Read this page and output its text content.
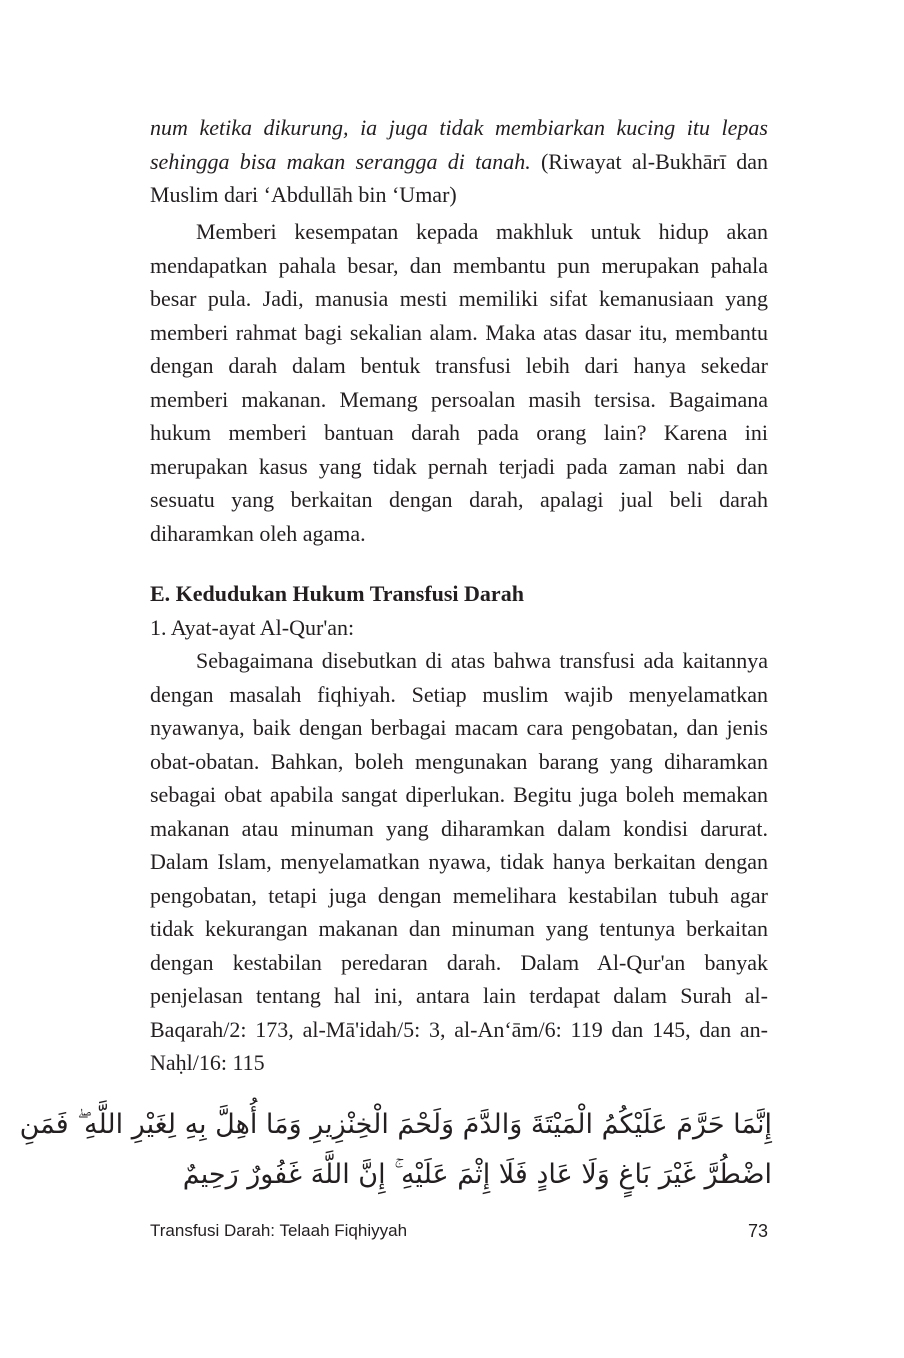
num ketika dikurung, ia juga tidak membiarkan kucing itu lepas sehingga bisa makan serangga di tanah. (Riwayat al-Bukhārī dan Muslim dari ‘Abdullāh bin ‘Umar)

Memberi kesempatan kepada makhluk untuk hidup akan mendapatkan pahala besar, dan membantu pun merupakan pahala besar pula. Jadi, manusia mesti memiliki sifat kemanusiaan yang memberi rahmat bagi sekalian alam. Maka atas dasar itu, membantu dengan darah dalam bentuk transfusi lebih dari hanya sekedar memberi makanan. Memang persoalan masih tersisa. Bagaimana hukum memberi bantuan darah pada orang lain? Karena ini merupakan kasus yang tidak pernah terjadi pada zaman nabi dan sesuatu yang berkaitan dengan darah, apalagi jual beli darah diharamkan oleh agama.

E. Kedudukan Hukum Transfusi Darah

1. Ayat-ayat Al-Qur'an:

Sebagaimana disebutkan di atas bahwa transfusi ada kaitannya dengan masalah fiqhiyah. Setiap muslim wajib menyelamatkan nyawanya, baik dengan berbagai macam cara pengobatan, dan jenis obat-obatan. Bahkan, boleh mengunakan barang yang diharamkan sebagai obat apabila sangat diperlukan. Begitu juga boleh memakan makanan atau minuman yang diharamkan dalam kondisi darurat. Dalam Islam, menyelamatkan nyawa, tidak hanya berkaitan dengan pengobatan, tetapi juga dengan memelihara kestabilan tubuh agar tidak kekurangan makanan dan minuman yang tentunya berkaitan dengan kestabilan peredaran darah. Dalam Al-Qur'an banyak penjelasan tentang hal ini, antara lain terdapat dalam Surah al-Baqarah/2: 173, al-Mā'idah/5: 3, al-An‘ām/6: 119 dan 145, dan an-Naḥl/16: 115

إِنَّمَا حَرَّمَ عَلَيْكُمُ الْمَيْتَةَ وَالدَّمَ وَلَحْمَ الْخِنْزِيرِ وَمَا أُهِلَّ بِهِ لِغَيْرِ اللَّهِ ۖ فَمَنِ
اضْطُرَّ غَيْرَ بَاغٍ وَلَا عَادٍ فَلَا إِثْمَ عَلَيْهِ ۚ إِنَّ اللَّهَ غَفُورٌ رَحِيمٌ
Transfusi Darah: Telaah Fiqhiyyah	73
